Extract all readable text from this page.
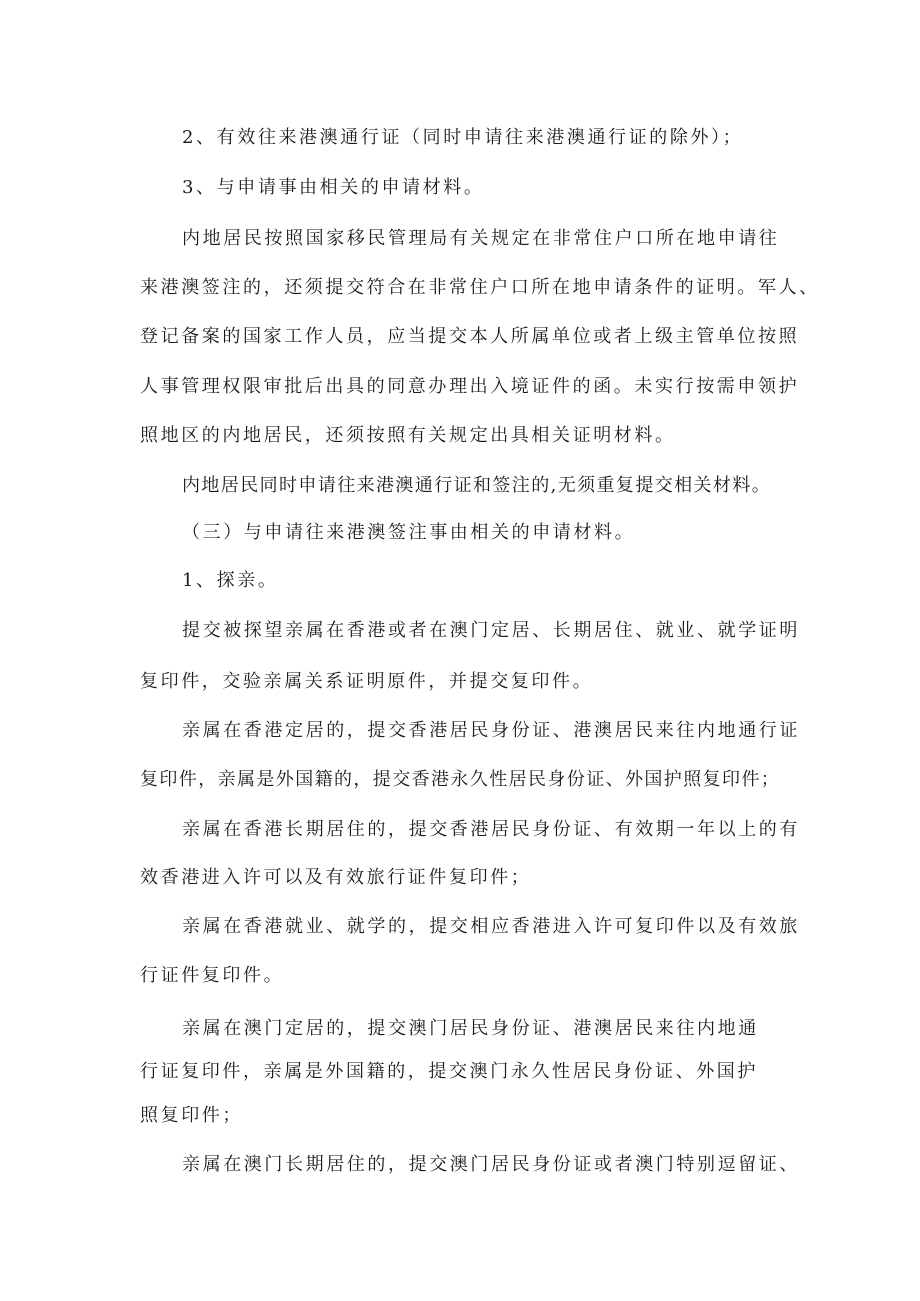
2、有效往来港澳通行证（同时申请往来港澳通行证的除外）；

3、与申请事由相关的申请材料。

内地居民按照国家移民管理局有关规定在非常住户口所在地申请往

来港澳签注的，还须提交符合在非常住户口所在地申请条件的证明。军人、

登记备案的国家工作人员，应当提交本人所属单位或者上级主管单位按照

人事管理权限审批后出具的同意办理出入境证件的函。未实行按需申领护

照地区的内地居民，还须按照有关规定出具相关证明材料。

内地居民同时申请往来港澳通行证和签注的,无须重复提交相关材料。

（三）与申请往来港澳签注事由相关的申请材料。

1、探亲。

提交被探望亲属在香港或者在澳门定居、长期居住、就业、就学证明

复印件，交验亲属关系证明原件，并提交复印件。

亲属在香港定居的，提交香港居民身份证、港澳居民来往内地通行证

复印件，亲属是外国籍的，提交香港永久性居民身份证、外国护照复印件；

亲属在香港长期居住的，提交香港居民身份证、有效期一年以上的有

效香港进入许可以及有效旅行证件复印件；

亲属在香港就业、就学的，提交相应香港进入许可复印件以及有效旅

行证件复印件。

亲属在澳门定居的，提交澳门居民身份证、港澳居民来往内地通

行证复印件，亲属是外国籍的，提交澳门永久性居民身份证、外国护

照复印件；

亲属在澳门长期居住的，提交澳门居民身份证或者澳门特别逗留证、
